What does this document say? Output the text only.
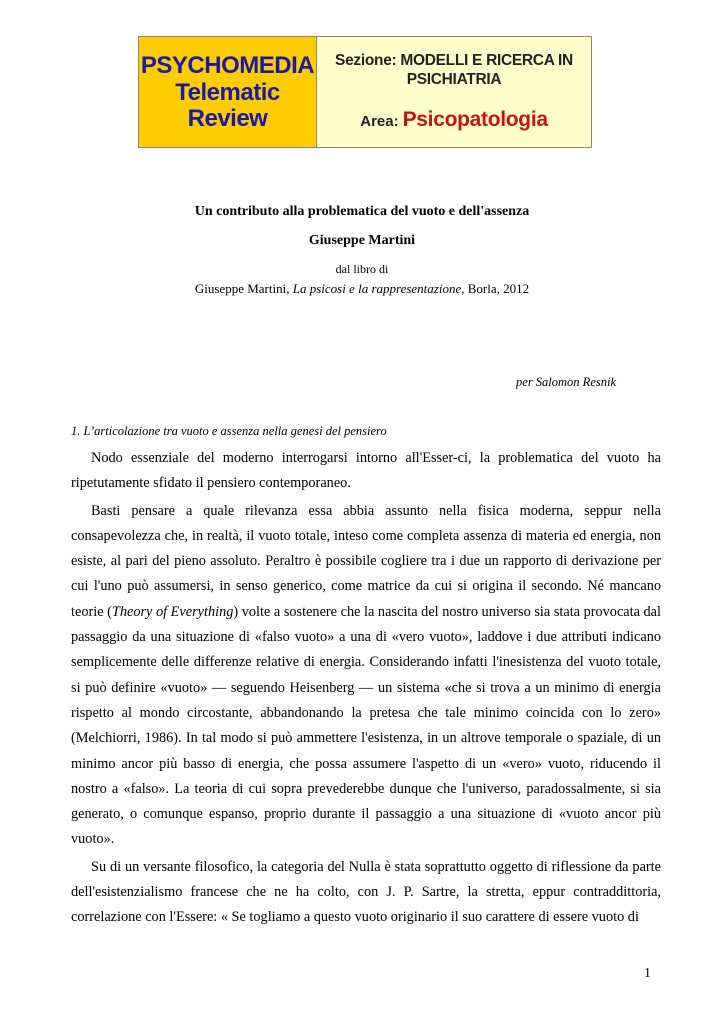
PSYCHOMEDIA
Telematic
Review
Sezione: MODELLI E RICERCA IN
PSICHIATRIA
Area: Psicopatologia
Un contributo alla problematica del vuoto e dell'assenza
Giuseppe Martini
dal libro di
Giuseppe Martini, La psicosi e la rappresentazione, Borla, 2012
per Salomon Resnik
1. L’articolazione tra vuoto e assenza nella genesi del pensiero

Nodo essenziale del moderno interrogarsi intorno all'Esser-ci, la problematica del vuoto ha ripetutamente sfidato il pensiero contemporaneo.

Basti pensare a quale rilevanza essa abbia assunto nella fisica moderna, seppur nella consapevolezza che, in realtà, il vuoto totale, inteso come completa assenza di materia ed energia, non esiste, al pari del pieno assoluto. Peraltro è possibile cogliere tra i due un rapporto di derivazione per cui l'uno può assumersi, in senso generico, come matrice da cui si origina il secondo. Né mancano teorie (Theory of Everything) volte a sostenere che la nascita del nostro universo sia stata provocata dal passaggio da una situazione di «falso vuoto» a una di «vero vuoto», laddove i due attributi indicano semplicemente delle differenze relative di energia. Considerando infatti l'inesistenza del vuoto totale, si può definire «vuoto» — seguendo Heisenberg — un sistema «che si trova a un minimo di energia rispetto al mondo circostante, abbandonando la pretesa che tale minimo coincida con lo zero» (Melchiorri, 1986). In tal modo si può ammettere l'esistenza, in un altrove temporale o spaziale, di un minimo ancor più basso di energia, che possa assumere l'aspetto di un «vero» vuoto, riducendo il nostro a «falso». La teoria di cui sopra prevederebbe dunque che l'universo, paradossalmente, si sia generato, o comunque espanso, proprio durante il passaggio a una situazione di «vuoto ancor più vuoto».

Su di un versante filosofico, la categoria del Nulla è stata soprattutto oggetto di riflessione da parte dell'esistenzialismo francese che ne ha colto, con J. P. Sartre, la stretta, eppur contraddittoria, correlazione con l'Essere: « Se togliamo a questo vuoto originario il suo carattere di essere vuoto di

1
